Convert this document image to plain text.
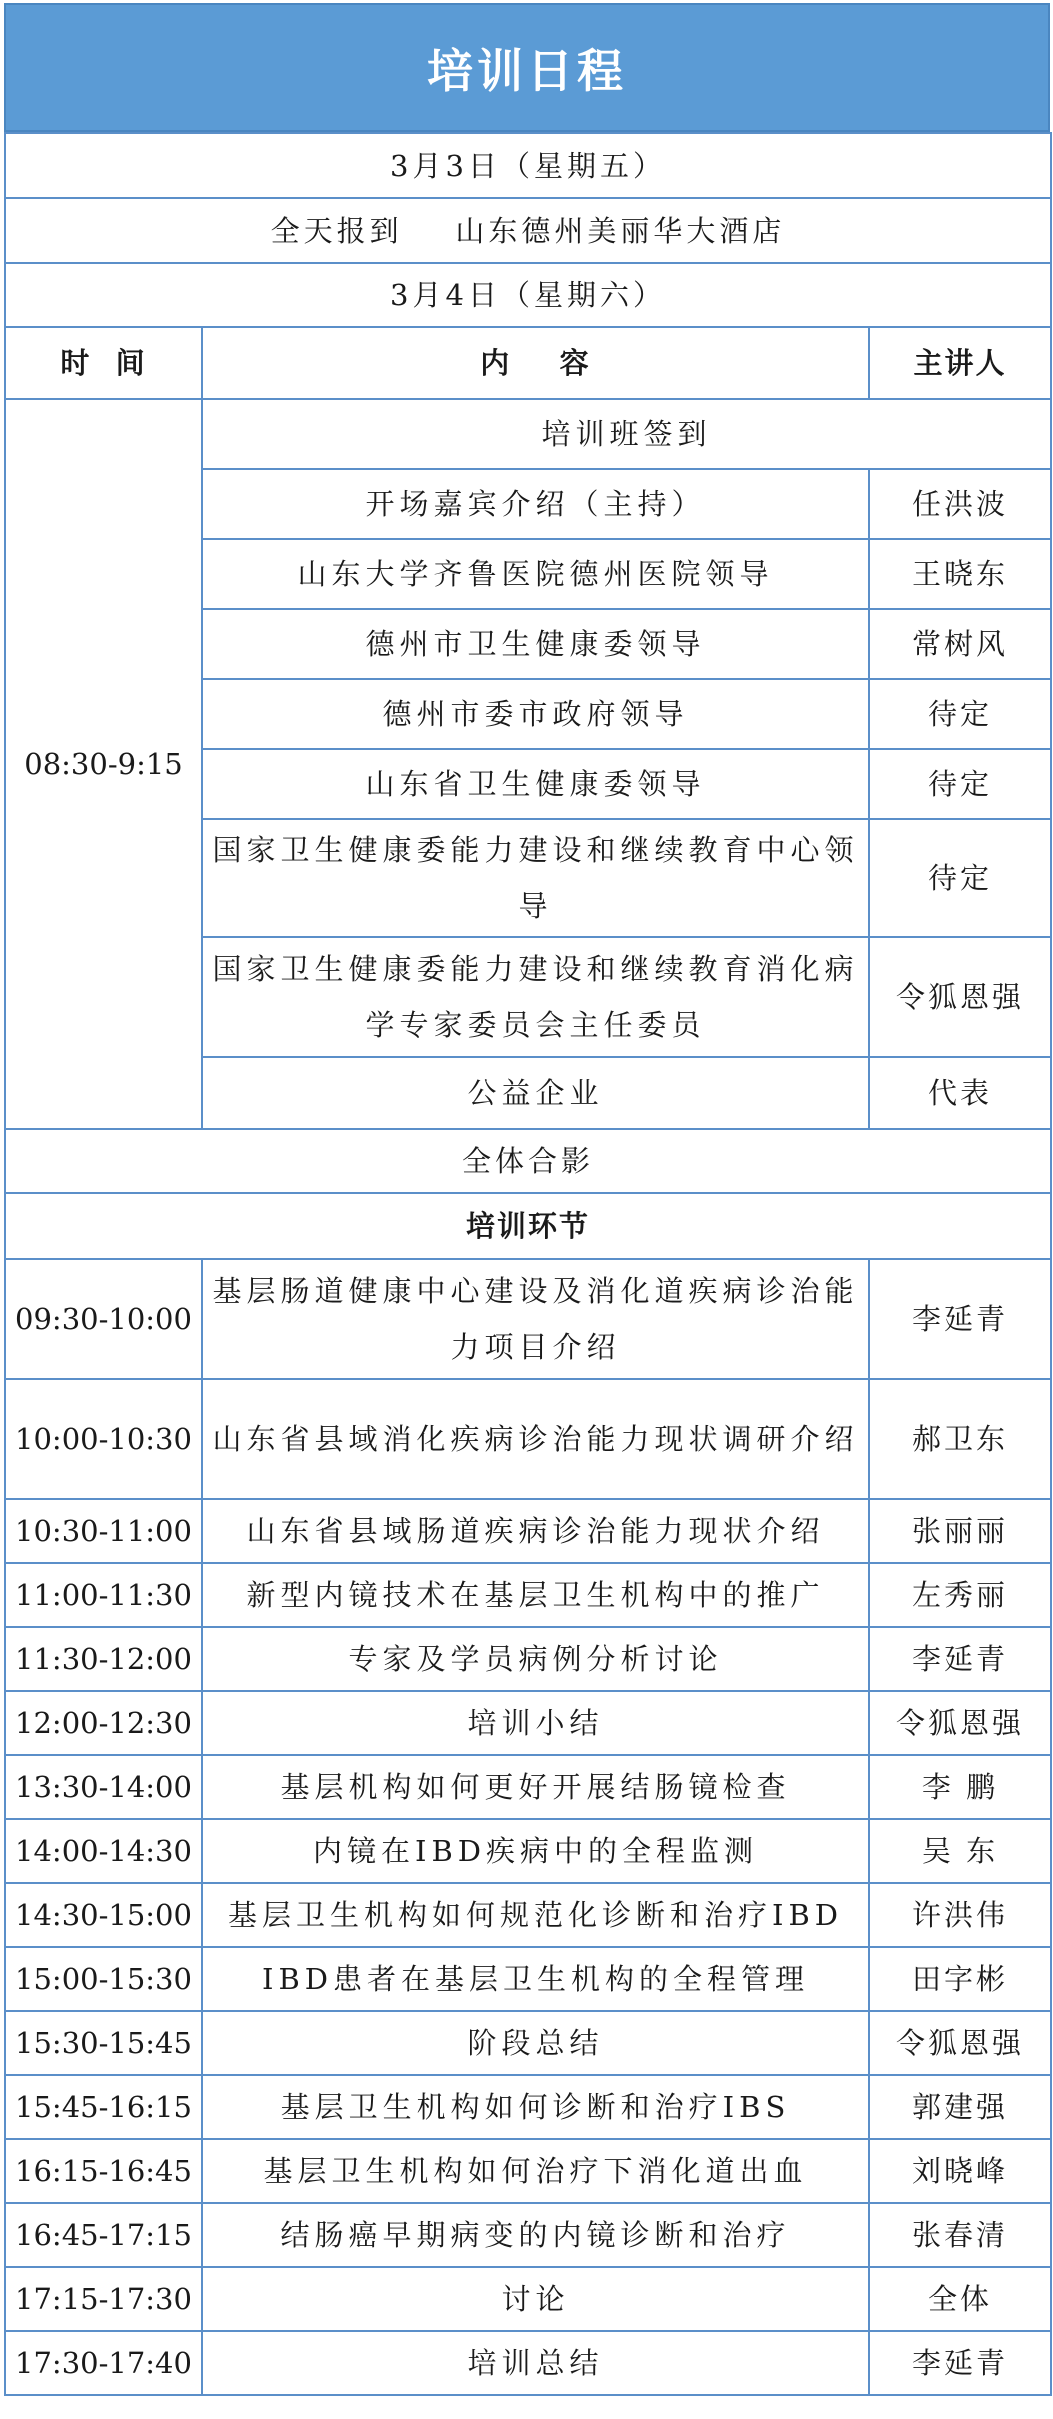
培训日程
3月3日（星期五）		
全天报到    山东德州美丽华大酒店		
3月4日（星期六）		
时  间	内    容	主讲人
08:30-9:15	培训班签到	
	开场嘉宾介绍（主持）	任洪波
	山东大学齐鲁医院德州医院领导	王晓东
	德州市卫生健康委领导	常树风
	德州市委市政府领导	待定
	山东省卫生健康委领导	待定
	国家卫生健康委能力建设和继续教育中心领导	待定
	国家卫生健康委能力建设和继续教育消化病学专家委员会主任委员	令狐恩强
	公益企业	代表
全体合影		
培训环节		
09:30-10:00	基层肠道健康中心建设及消化道疾病诊治能力项目介绍	李延青
10:00-10:30	山东省县域消化疾病诊治能力现状调研介绍	郝卫东
10:30-11:00	山东省县域肠道疾病诊治能力现状介绍	张丽丽
11:00-11:30	新型内镜技术在基层卫生机构中的推广	左秀丽
11:30-12:00	专家及学员病例分析讨论	李延青
12:00-12:30	培训小结	令狐恩强
13:30-14:00	基层机构如何更好开展结肠镜检查	李 鹏
14:00-14:30	内镜在IBD疾病中的全程监测	吴 东
14:30-15:00	基层卫生机构如何规范化诊断和治疗IBD	许洪伟
15:00-15:30	IBD患者在基层卫生机构的全程管理	田字彬
15:30-15:45	阶段总结	令狐恩强
15:45-16:15	基层卫生机构如何诊断和治疗IBS	郭建强
16:15-16:45	基层卫生机构如何治疗下消化道出血	刘晓峰
16:45-17:15	结肠癌早期病变的内镜诊断和治疗	张春清
17:15-17:30	讨论	全体
17:30-17:40	培训总结	李延青
